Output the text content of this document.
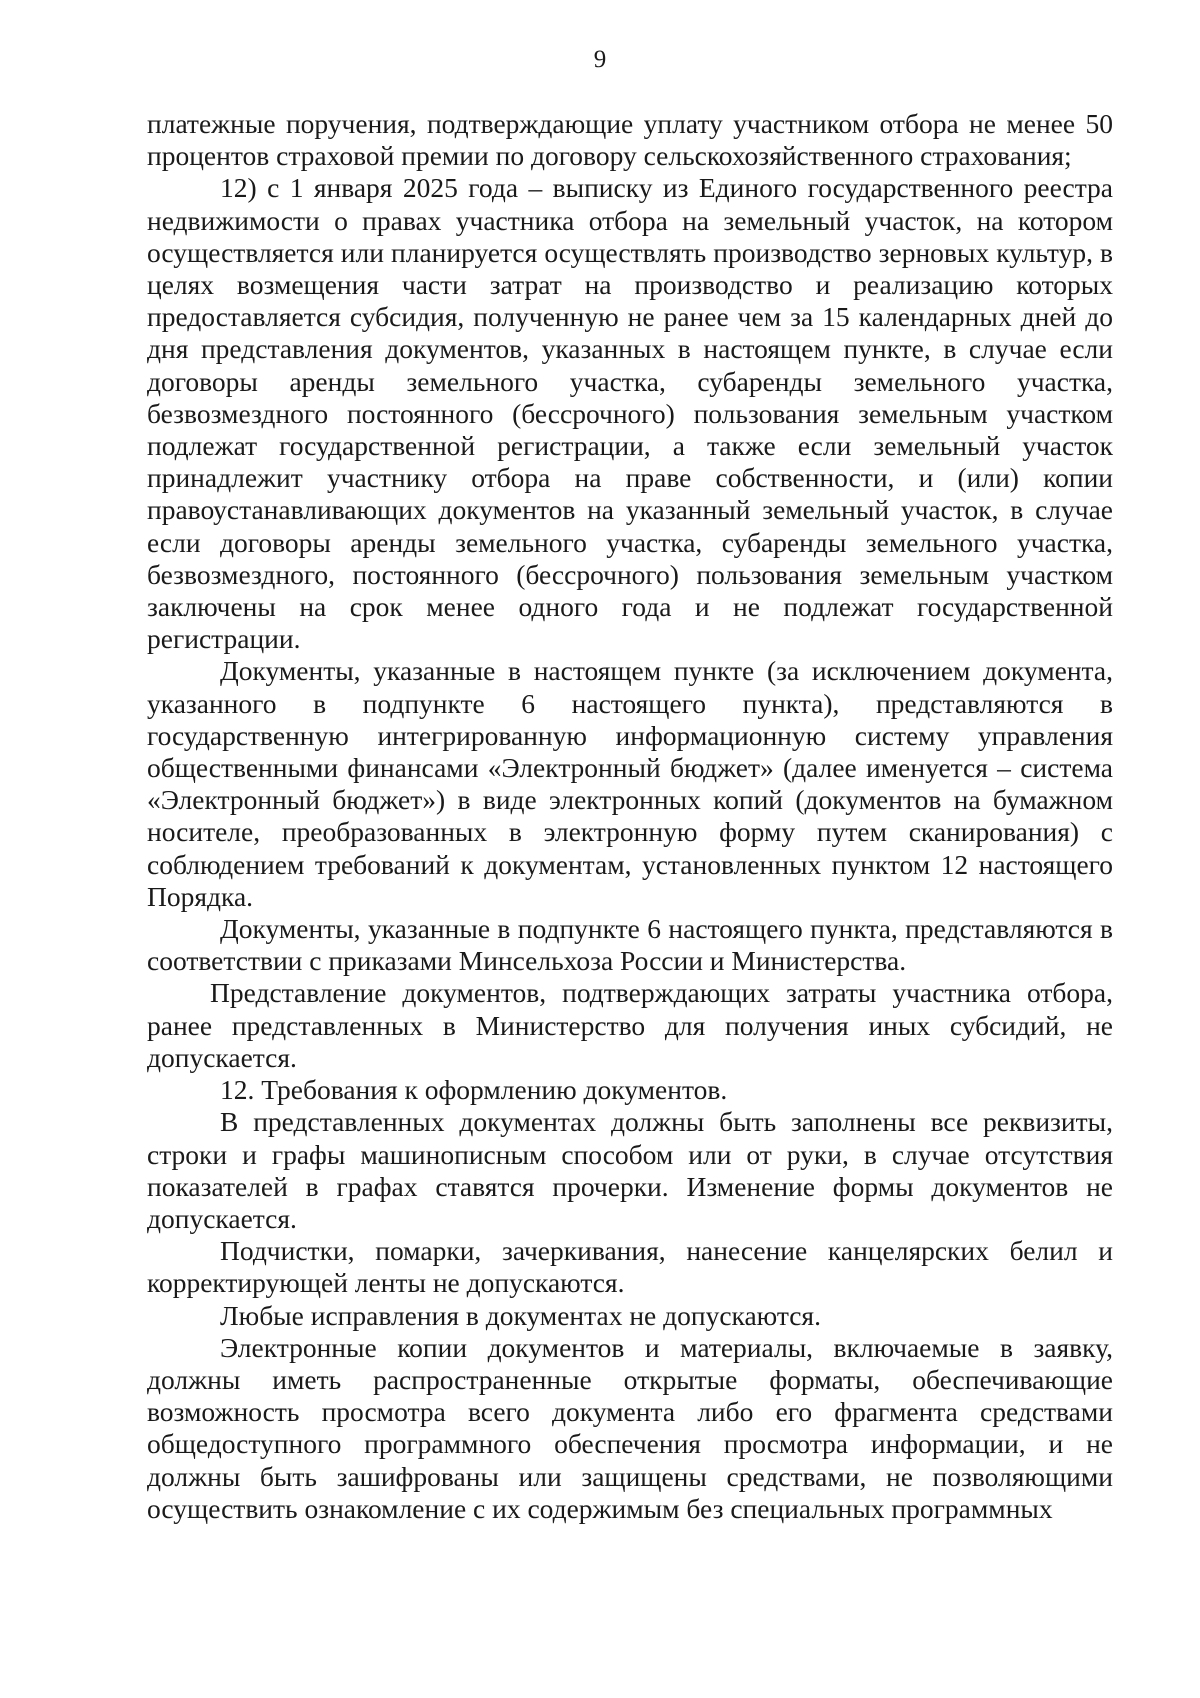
9

платежные поручения, подтверждающие уплату участником отбора не менее 50 процентов страховой премии по договору сельскохозяйственного страхования;

12) с 1 января 2025 года – выписку из Единого государственного реестра недвижимости о правах участника отбора на земельный участок, на котором осуществляется или планируется осуществлять производство зерновых культур, в целях возмещения части затрат на производство и реализацию которых предоставляется субсидия, полученную не ранее чем за 15 календарных дней до дня представления документов, указанных в настоящем пункте, в случае если договоры аренды земельного участка, субаренды земельного участка, безвозмездного постоянного (бессрочного) пользования земельным участком подлежат государственной регистрации, а также если земельный участок принадлежит участнику отбора на праве собственности, и (или) копии правоустанавливающих документов на указанный земельный участок, в случае если договоры аренды земельного участка, субаренды земельного участка, безвозмездного, постоянного (бессрочного) пользования земельным участком заключены на срок менее одного года и не подлежат государственной регистрации.

Документы, указанные в настоящем пункте (за исключением документа, указанного в подпункте 6 настоящего пункта), представляются в государственную интегрированную информационную систему управления общественными финансами «Электронный бюджет» (далее именуется – система «Электронный бюджет») в виде электронных копий (документов на бумажном носителе, преобразованных в электронную форму путем сканирования) с соблюдением требований к документам, установленных пунктом 12 настоящего Порядка.

Документы, указанные в подпункте 6 настоящего пункта, представляются в соответствии с приказами Минсельхоза России и Министерства.

Представление документов, подтверждающих затраты участника отбора, ранее представленных в Министерство для получения иных субсидий, не допускается.

12. Требования к оформлению документов.

В представленных документах должны быть заполнены все реквизиты, строки и графы машинописным способом или от руки, в случае отсутствия показателей в графах ставятся прочерки. Изменение формы документов не допускается.

Подчистки, помарки, зачеркивания, нанесение канцелярских белил и корректирующей ленты не допускаются.

Любые исправления в документах не допускаются.

Электронные копии документов и материалы, включаемые в заявку, должны иметь распространенные открытые форматы, обеспечивающие возможность просмотра всего документа либо его фрагмента средствами общедоступного программного обеспечения просмотра информации, и не должны быть зашифрованы или защищены средствами, не позволяющими осуществить ознакомление с их содержимым без специальных программных
